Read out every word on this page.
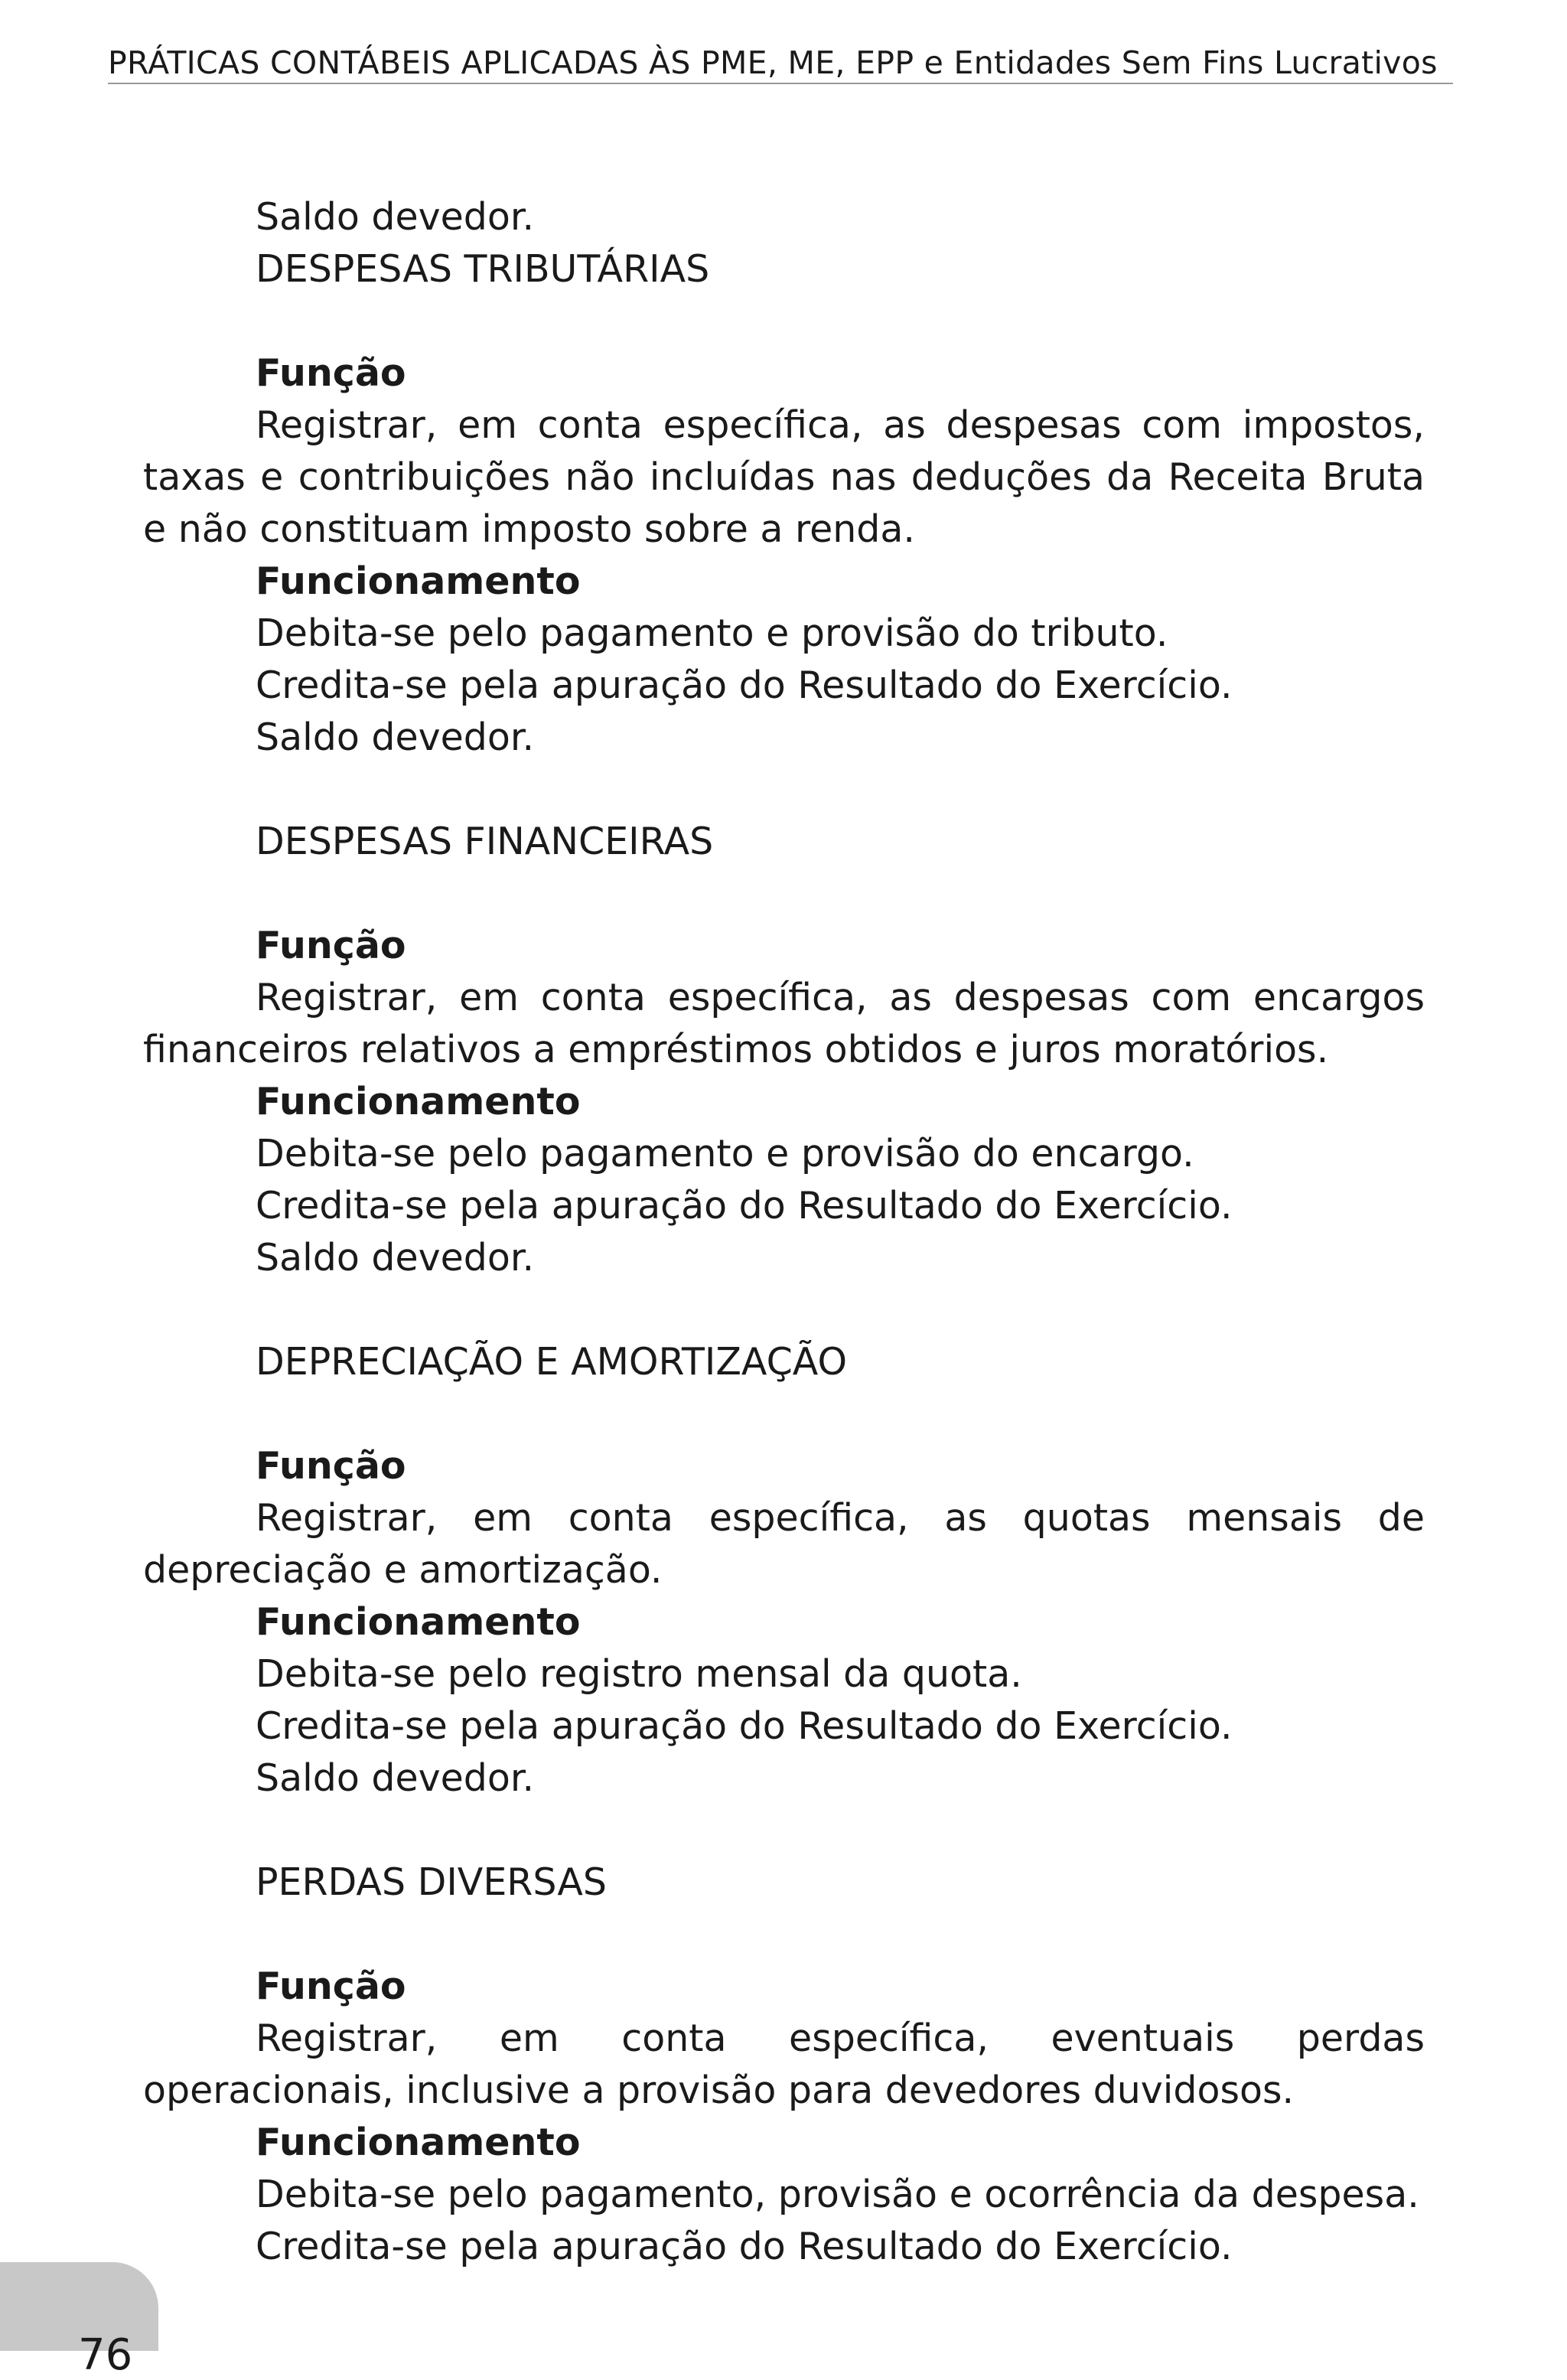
PRÁTICAS CONTÁBEIS APLICADAS ÀS PME, ME, EPP e Entidades Sem Fins Lucrativos
Saldo devedor.
DESPESAS TRIBUTÁRIAS
Função
Registrar, em conta específica, as despesas com impostos, taxas e contribuições não incluídas nas deduções da Receita Bruta e não constituam imposto sobre a renda.
Funcionamento
Debita-se pelo pagamento e provisão do tributo.
Credita-se pela apuração do Resultado do Exercício.
Saldo devedor.
DESPESAS FINANCEIRAS
Função
Registrar, em conta específica, as despesas com encargos financeiros relativos a empréstimos obtidos e juros moratórios.
Funcionamento
Debita-se pelo pagamento e provisão do encargo.
Credita-se pela apuração do Resultado do Exercício.
Saldo devedor.
DEPRECIAÇÃO E AMORTIZAÇÃO
Função
Registrar, em conta específica, as quotas mensais de depreciação e amortização.
Funcionamento
Debita-se pelo registro mensal da quota.
Credita-se pela apuração do Resultado do Exercício.
Saldo devedor.
PERDAS DIVERSAS
Função
Registrar, em conta específica, eventuais perdas operacionais, inclusive a provisão para devedores duvidosos.
Funcionamento
Debita-se pelo pagamento, provisão e ocorrência da despesa.
Credita-se pela apuração do Resultado do Exercício.
76
